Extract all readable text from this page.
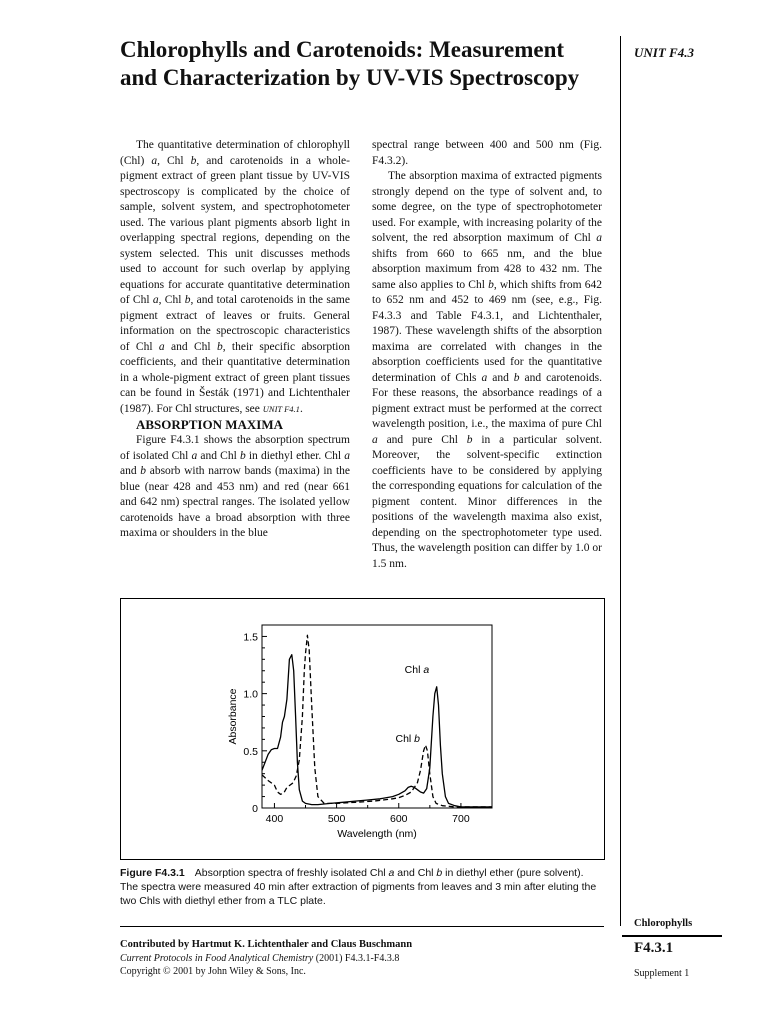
Chlorophylls and Carotenoids: Measurement and Characterization by UV-VIS Spectroscopy
UNIT F4.3

The quantitative determination of chlorophyll (Chl) a, Chl b, and carotenoids in a whole-pigment extract of green plant tissue by UV-VIS spectroscopy is complicated by the choice of sample, solvent system, and spectrophotometer used. The various plant pigments absorb light in overlapping spectral regions, depending on the system selected. This unit discusses methods used to account for such overlap by applying equations for accurate quantitative determination of Chl a, Chl b, and total carotenoids in the same pigment extract of leaves or fruits. General information on the spectroscopic characteristics of Chl a and Chl b, their specific absorption coefficients, and their quantitative determination in a whole-pigment extract of green plant tissues can be found in Šesták (1971) and Lichtenthaler (1987). For Chl structures, see UNIT F4.1.

ABSORPTION MAXIMA

Figure F4.3.1 shows the absorption spectrum of isolated Chl a and Chl b in diethyl ether. Chl a and b absorb with narrow bands (maxima) in the blue (near 428 and 453 nm) and red (near 661 and 642 nm) spectral ranges. The isolated yellow carotenoids have a broad absorption with three maxima or shoulders in the blue

spectral range between 400 and 500 nm (Fig. F4.3.2).

The absorption maxima of extracted pigments strongly depend on the type of solvent and, to some degree, on the type of spectrophotometer used. For example, with increasing polarity of the solvent, the red absorption maximum of Chl a shifts from 660 to 665 nm, and the blue absorption maximum from 428 to 432 nm. The same also applies to Chl b, which shifts from 642 to 652 nm and 452 to 469 nm (see, e.g., Fig. F4.3.3 and Table F4.3.1, and Lichtenthaler, 1987). These wavelength shifts of the absorption maxima are correlated with changes in the absorption coefficients used for the quantitative determination of Chls a and b and carotenoids. For these reasons, the absorbance readings of a pigment extract must be performed at the correct wavelength position, i.e., the maxima of pure Chl a and pure Chl b in a particular solvent. Moreover, the solvent-specific extinction coefficients have to be considered by applying the corresponding equations for calculation of the pigment content. Minor differences in the positions of the wavelength maxima also exist, depending on the spectrophotometer type used. Thus, the wavelength position can differ by 1.0 or 1.5 nm.

0
0.5
1.0
1.5
400	500	600	700
Wavelength (nm)
Absorbance
Chl a
Chl b
Figure F4.3.1 Absorption spectra of freshly isolated Chl a and Chl b in diethyl ether (pure solvent). The spectra were measured 40 min after extraction of pigments from leaves and 3 min after eluting the two Chls with diethyl ether from a TLC plate.
Contributed by Hartmut K. Lichtenthaler and Claus Buschmann
Current Protocols in Food Analytical Chemistry (2001) F4.3.1-F4.3.8
Copyright © 2001 by John Wiley & Sons, Inc.
Chlorophylls
F4.3.1
Supplement 1
